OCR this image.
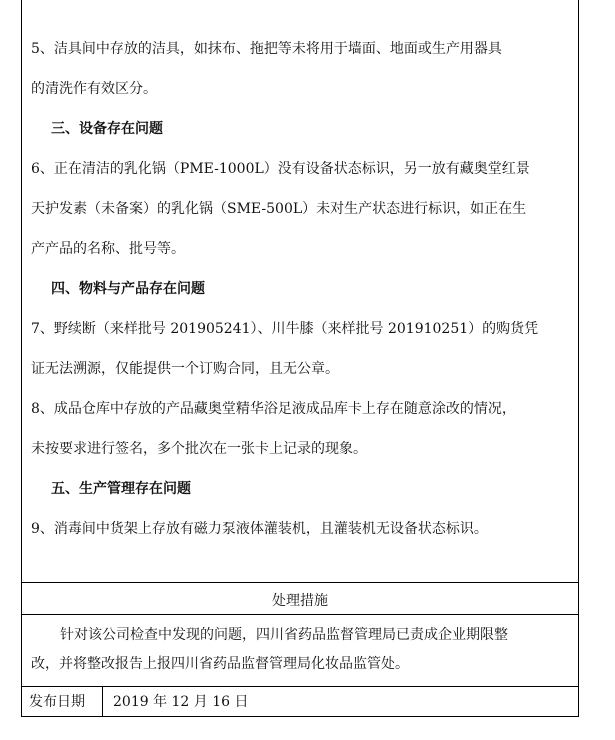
5、洁具间中存放的洁具，如抹布、拖把等未将用于墙面、地面或生产用器具
的清洗作有效区分。
三、设备存在问题
6、正在清洁的乳化锅（PME-1000L）没有设备状态标识，另一放有藏奥堂红景
天护发素（未备案）的乳化锅（SME-500L）未对生产状态进行标识，如正在生
产产品的名称、批号等。
四、物料与产品存在问题
7、野续断（来样批号 201905241）、川牛膝（来样批号 201910251）的购货凭
证无法溯源，仅能提供一个订购合同，且无公章。
8、成品仓库中存放的产品藏奥堂精华浴足液成品库卡上存在随意涂改的情况，
未按要求进行签名，多个批次在一张卡上记录的现象。
五、生产管理存在问题
9、消毒间中货架上存放有磁力泵液体灌装机，且灌装机无设备状态标识。
处理措施
针对该公司检查中发现的问题，四川省药品监督管理局已责成企业期限整
改，并将整改报告上报四川省药品监督管理局化妆品监管处。
发布日期 2019 年 12 月 16 日
